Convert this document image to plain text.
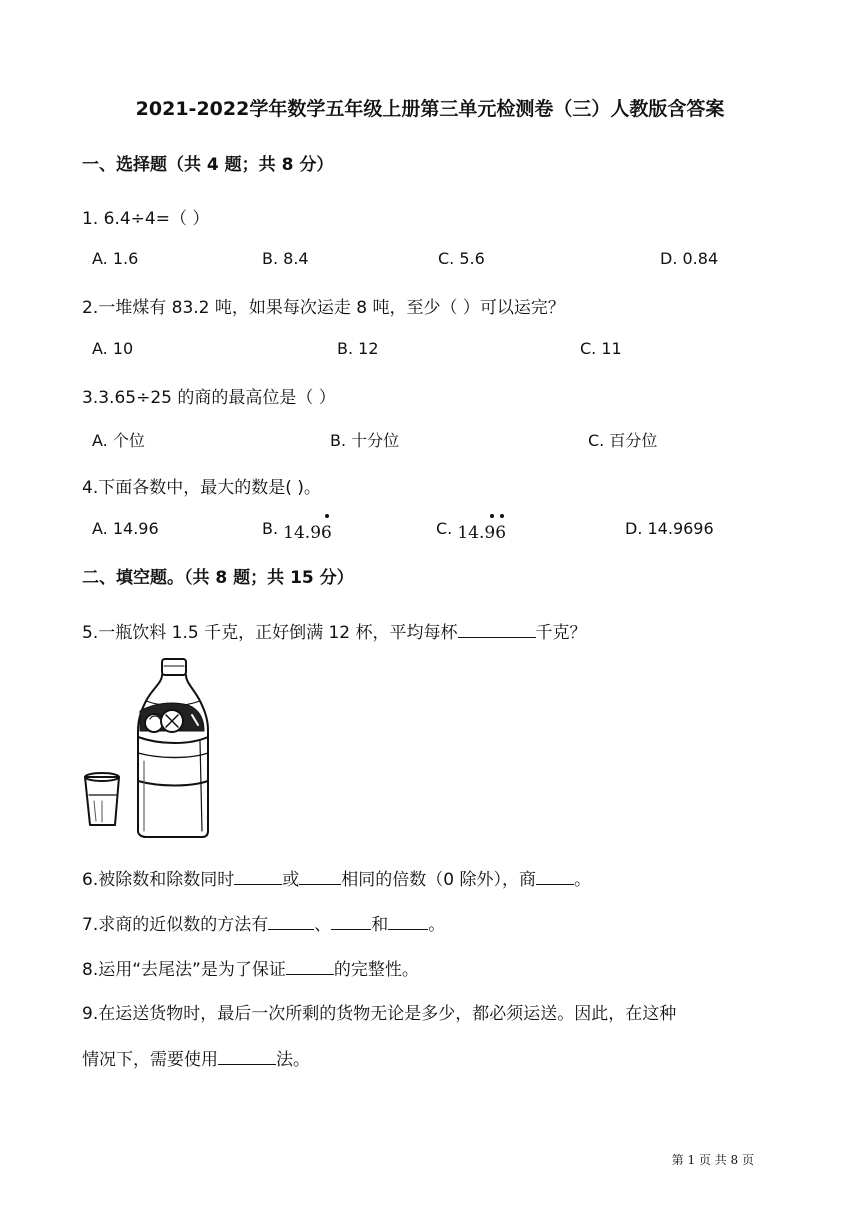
2021-2022学年数学五年级上册第三单元检测卷（三）人教版含答案
一、选择题（共 4 题；共 8 分）
1. 6.4÷4=（ ）
A. 1.6	B. 8.4	C. 5.6	D. 0.84
2.一堆煤有 83.2 吨，如果每次运走 8 吨，至少（ ）可以运完？
A. 10	B. 12	C. 11
3.3.65÷25 的商的最高位是（ ）
A. 个位	B. 十分位	C. 百分位
4.下面各数中，最大的数是( )。
A. 14.96	B. 14.96	C. 14.96	D. 14.9696
二、填空题。（共 8 题；共 15 分）
5.一瓶饮料 1.5 千克，正好倒满 12 杯，平均每杯	千克？
6.被除数和除数同时	或 相同的倍数（0 除外），商 。
7.求商的近似数的方法有	、 和 。
8.运用“去尾法”是为了保证	的完整性。
9.在运送货物时，最后一次所剩的货物无论是多少，都必须运送。因此，在这种
情况下，需要使用	法。
第 1 页 共 8 页
